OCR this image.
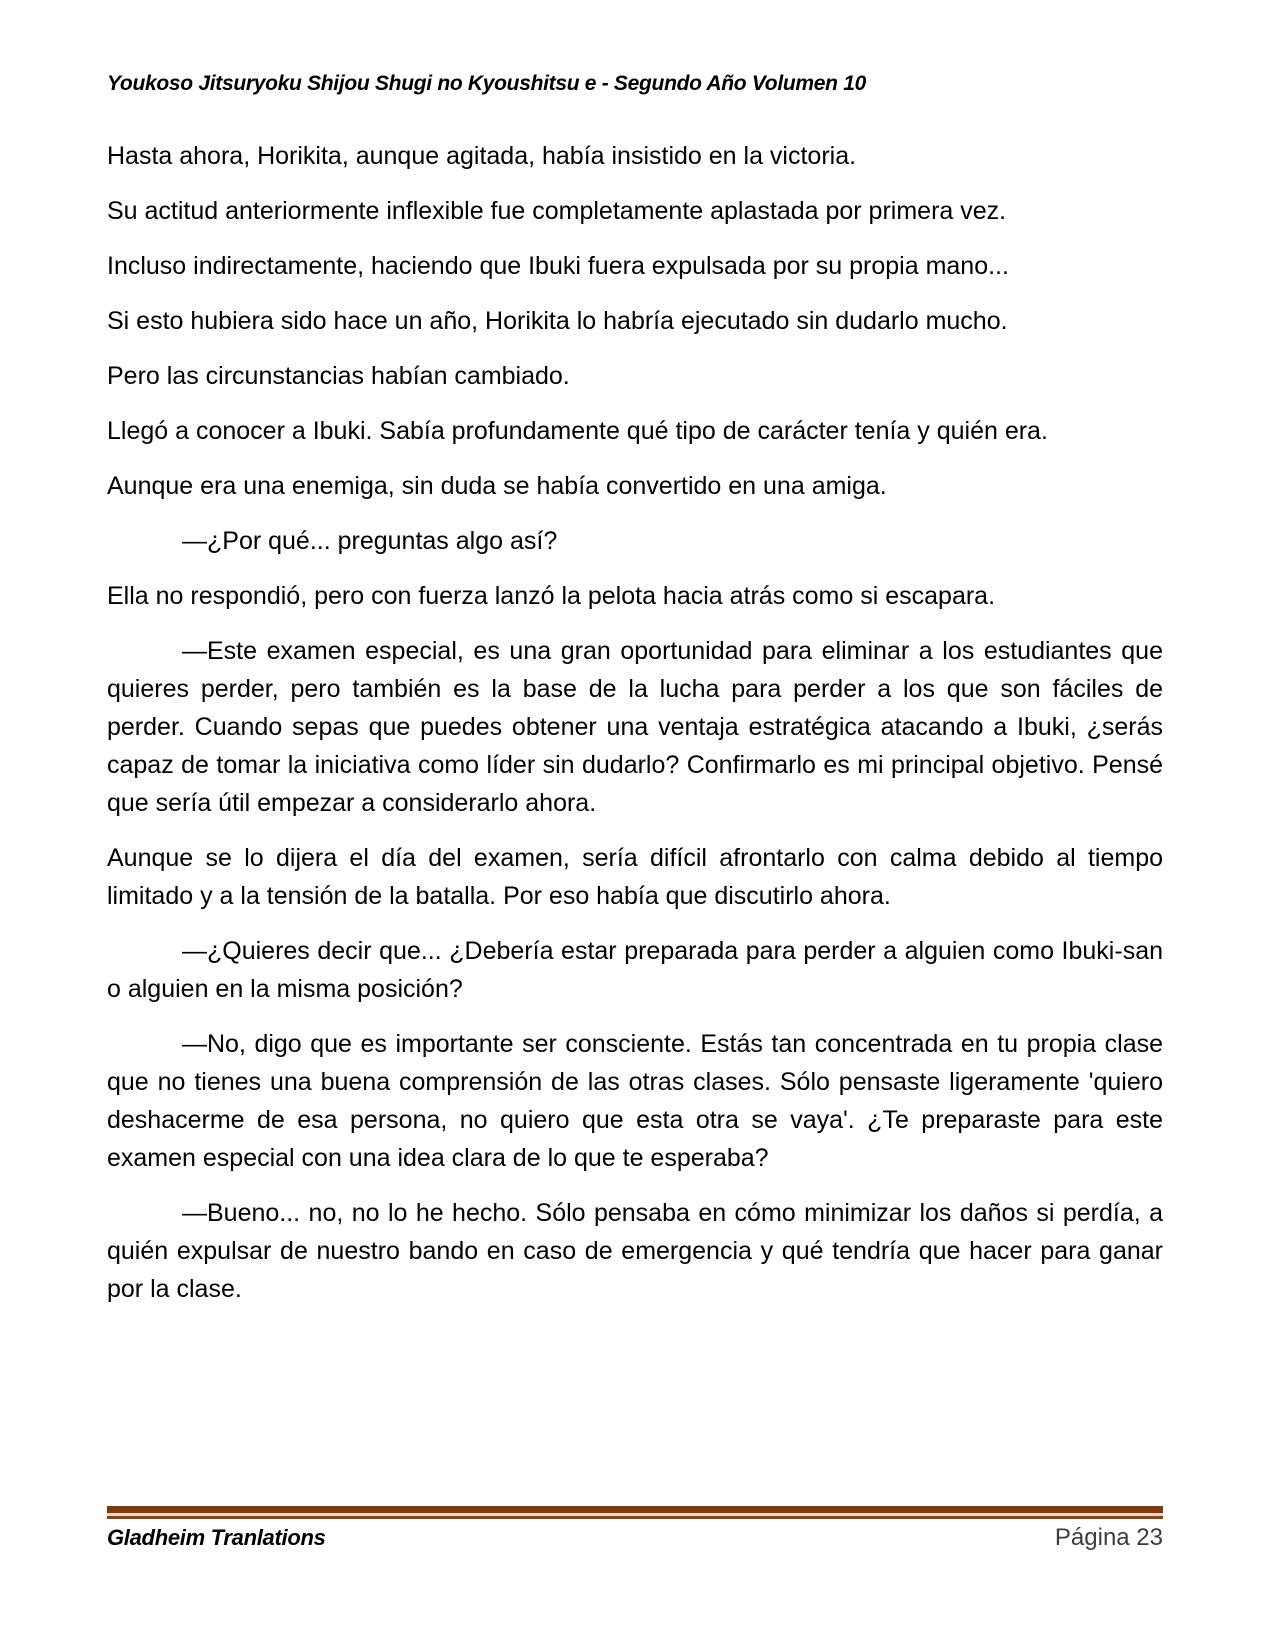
Youkoso Jitsuryoku Shijou Shugi no Kyoushitsu e - Segundo Año Volumen 10

Hasta ahora, Horikita, aunque agitada, había insistido en la victoria.

Su actitud anteriormente inflexible fue completamente aplastada por primera vez.

Incluso indirectamente, haciendo que Ibuki fuera expulsada por su propia mano...

Si esto hubiera sido hace un año, Horikita lo habría ejecutado sin dudarlo mucho.

Pero las circunstancias habían cambiado.

Llegó a conocer a Ibuki. Sabía profundamente qué tipo de carácter tenía y quién era.

Aunque era una enemiga, sin duda se había convertido en una amiga.

—¿Por qué... preguntas algo así?

Ella no respondió, pero con fuerza lanzó la pelota hacia atrás como si escapara.

—Este examen especial, es una gran oportunidad para eliminar a los estudiantes que quieres perder, pero también es la base de la lucha para perder a los que son fáciles de perder. Cuando sepas que puedes obtener una ventaja estratégica atacando a Ibuki, ¿serás capaz de tomar la iniciativa como líder sin dudarlo? Confirmarlo es mi principal objetivo. Pensé que sería útil empezar a considerarlo ahora.

Aunque se lo dijera el día del examen, sería difícil afrontarlo con calma debido al tiempo limitado y a la tensión de la batalla. Por eso había que discutirlo ahora.

—¿Quieres decir que... ¿Debería estar preparada para perder a alguien como Ibuki-san o alguien en la misma posición?

—No, digo que es importante ser consciente. Estás tan concentrada en tu propia clase que no tienes una buena comprensión de las otras clases. Sólo pensaste ligeramente 'quiero deshacerme de esa persona, no quiero que esta otra se vaya'. ¿Te preparaste para este examen especial con una idea clara de lo que te esperaba?

—Bueno... no, no lo he hecho. Sólo pensaba en cómo minimizar los daños si perdía, a quién expulsar de nuestro bando en caso de emergencia y qué tendría que hacer para ganar por la clase.

Gladheim Tranlations	Página 23
